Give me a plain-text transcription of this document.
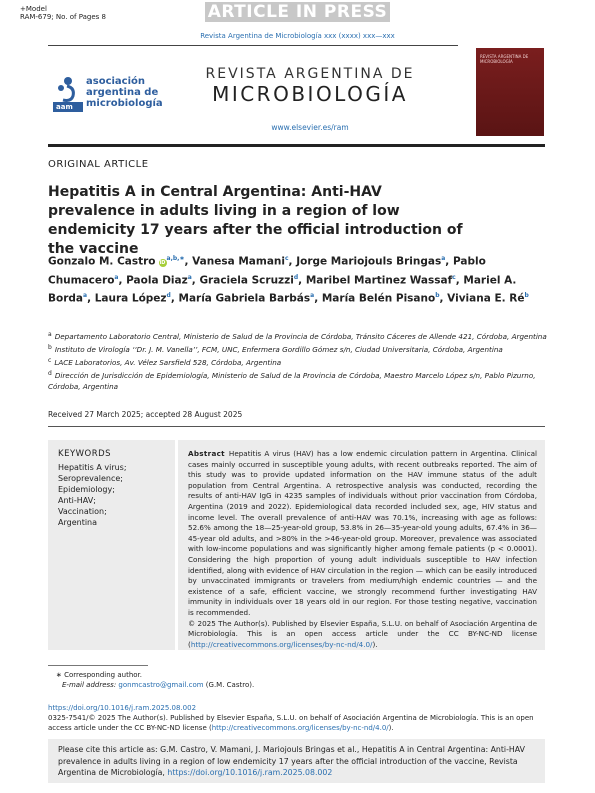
+Model
RAM-679; No. of Pages 8	ARTICLE IN PRESS
Revista Argentina de Microbiología xxx (xxxx) xxx—xxx
aam
asociación
argentina de
microbiología
REVISTA ARGENTINA DE
MICROBIOLOGÍA
www.elsevier.es/ram
REVISTA ARGENTINA DE MICROBIOLOGÍA
ORIGINAL ARTICLE
Hepatitis A in Central Argentina: Anti-HAV prevalence in adults living in a region of low endemicity 17 years after the official introduction of the vaccine
Gonzalo M. Castro $iD^{a,b,∗}$, Vanesa Mamani$^c$, Jorge Mariojouls Bringas$^a$, Pablo Chumacero$^a$, Paola Diaz$^a$, Graciela Scruzzi$^d$, Maribel Martinez Wassaf$^c$, Mariel A. Borda$^a$, Laura López$^d$, María Gabriela Barbás$^a$, María Belén Pisano$^b$, Viviana E. $Ré^b$
$^a$ Departamento Laboratorio Central, Ministerio de Salud de la Provincia de Córdoba, Tránsito Cáceres de Allende 421, Córdoba, Argentina
$^b$ Instituto de Virología ‘‘Dr. J. M. Vanella’’, FCM, UNC, Enfermera Gordillo Gómez s/n, Ciudad Universitaria, Córdoba, Argentina
$^c$ LACE Laboratorios, Av. Vélez Sarsfield 528, Córdoba, Argentina
$^d$ Dirección de Jurisdicción de Epidemiología, Ministerio de Salud de la Provincia de Córdoba, Maestro Marcelo López s/n, Pablo Pizurno, Córdoba, Argentina
Received 27 March 2025; accepted 28 August 2025
KEYWORDS
Hepatitis A virus;
Seroprevalence;
Epidemiology;
Anti-HAV;
Vaccination;
Argentina
Abstract Hepatitis A virus (HAV) has a low endemic circulation pattern in Argentina. Clinical cases mainly occurred in susceptible young adults, with recent outbreaks reported. The aim of this study was to provide updated information on the HAV immune status of the adult population from Central Argentina. A retrospective analysis was conducted, recording the results of anti-HAV IgG in 4235 samples of individuals without prior vaccination from Córdoba, Argentina (2019 and 2022). Epidemiological data recorded included sex, age, HIV status and income level. The overall prevalence of anti-HAV was 70.1%, increasing with age as follows: 52.6% among the 18—25-year-old group, 53.8% in 26—35-year-old young adults, 67.4% in 36—45-year old adults, and >80% in the >46-year-old group. Moreover, prevalence was associated with low-income populations and was significantly higher among female patients (p < 0.0001). Considering the high proportion of young adult individuals susceptible to HAV infection identified, along with evidence of HAV circulation in the region — which can be easily introduced by unvaccinated immigrants or travelers from medium/high endemic countries — and the existence of a safe, efficient vaccine, we strongly recommend further investigating HAV immunity in individuals over 18 years old in our region. For those testing negative, vaccination is recommended.
© 2025 The Author(s). Published by Elsevier España, S.L.U. on behalf of Asociación Argentina de Microbiología. This is an open access article under the CC BY-NC-ND license (http://creativecommons.org/licenses/by-nc-nd/4.0/).
∗ Corresponding author.
E-mail address: gonmcastro@gmail.com (G.M. Castro).
https://doi.org/10.1016/j.ram.2025.08.002
0325-7541/© 2025 The Author(s). Published by Elsevier España, S.L.U. on behalf of Asociación Argentina de Microbiología. This is an open access article under the CC BY-NC-ND license (http://creativecommons.org/licenses/by-nc-nd/4.0/).
Please cite this article as: G.M. Castro, V. Mamani, J. Mariojouls Bringas et al., Hepatitis A in Central Argentina: Anti-HAV prevalence in adults living in a region of low endemicity 17 years after the official introduction of the vaccine, Revista Argentina de Microbiología, https://doi.org/10.1016/j.ram.2025.08.002
